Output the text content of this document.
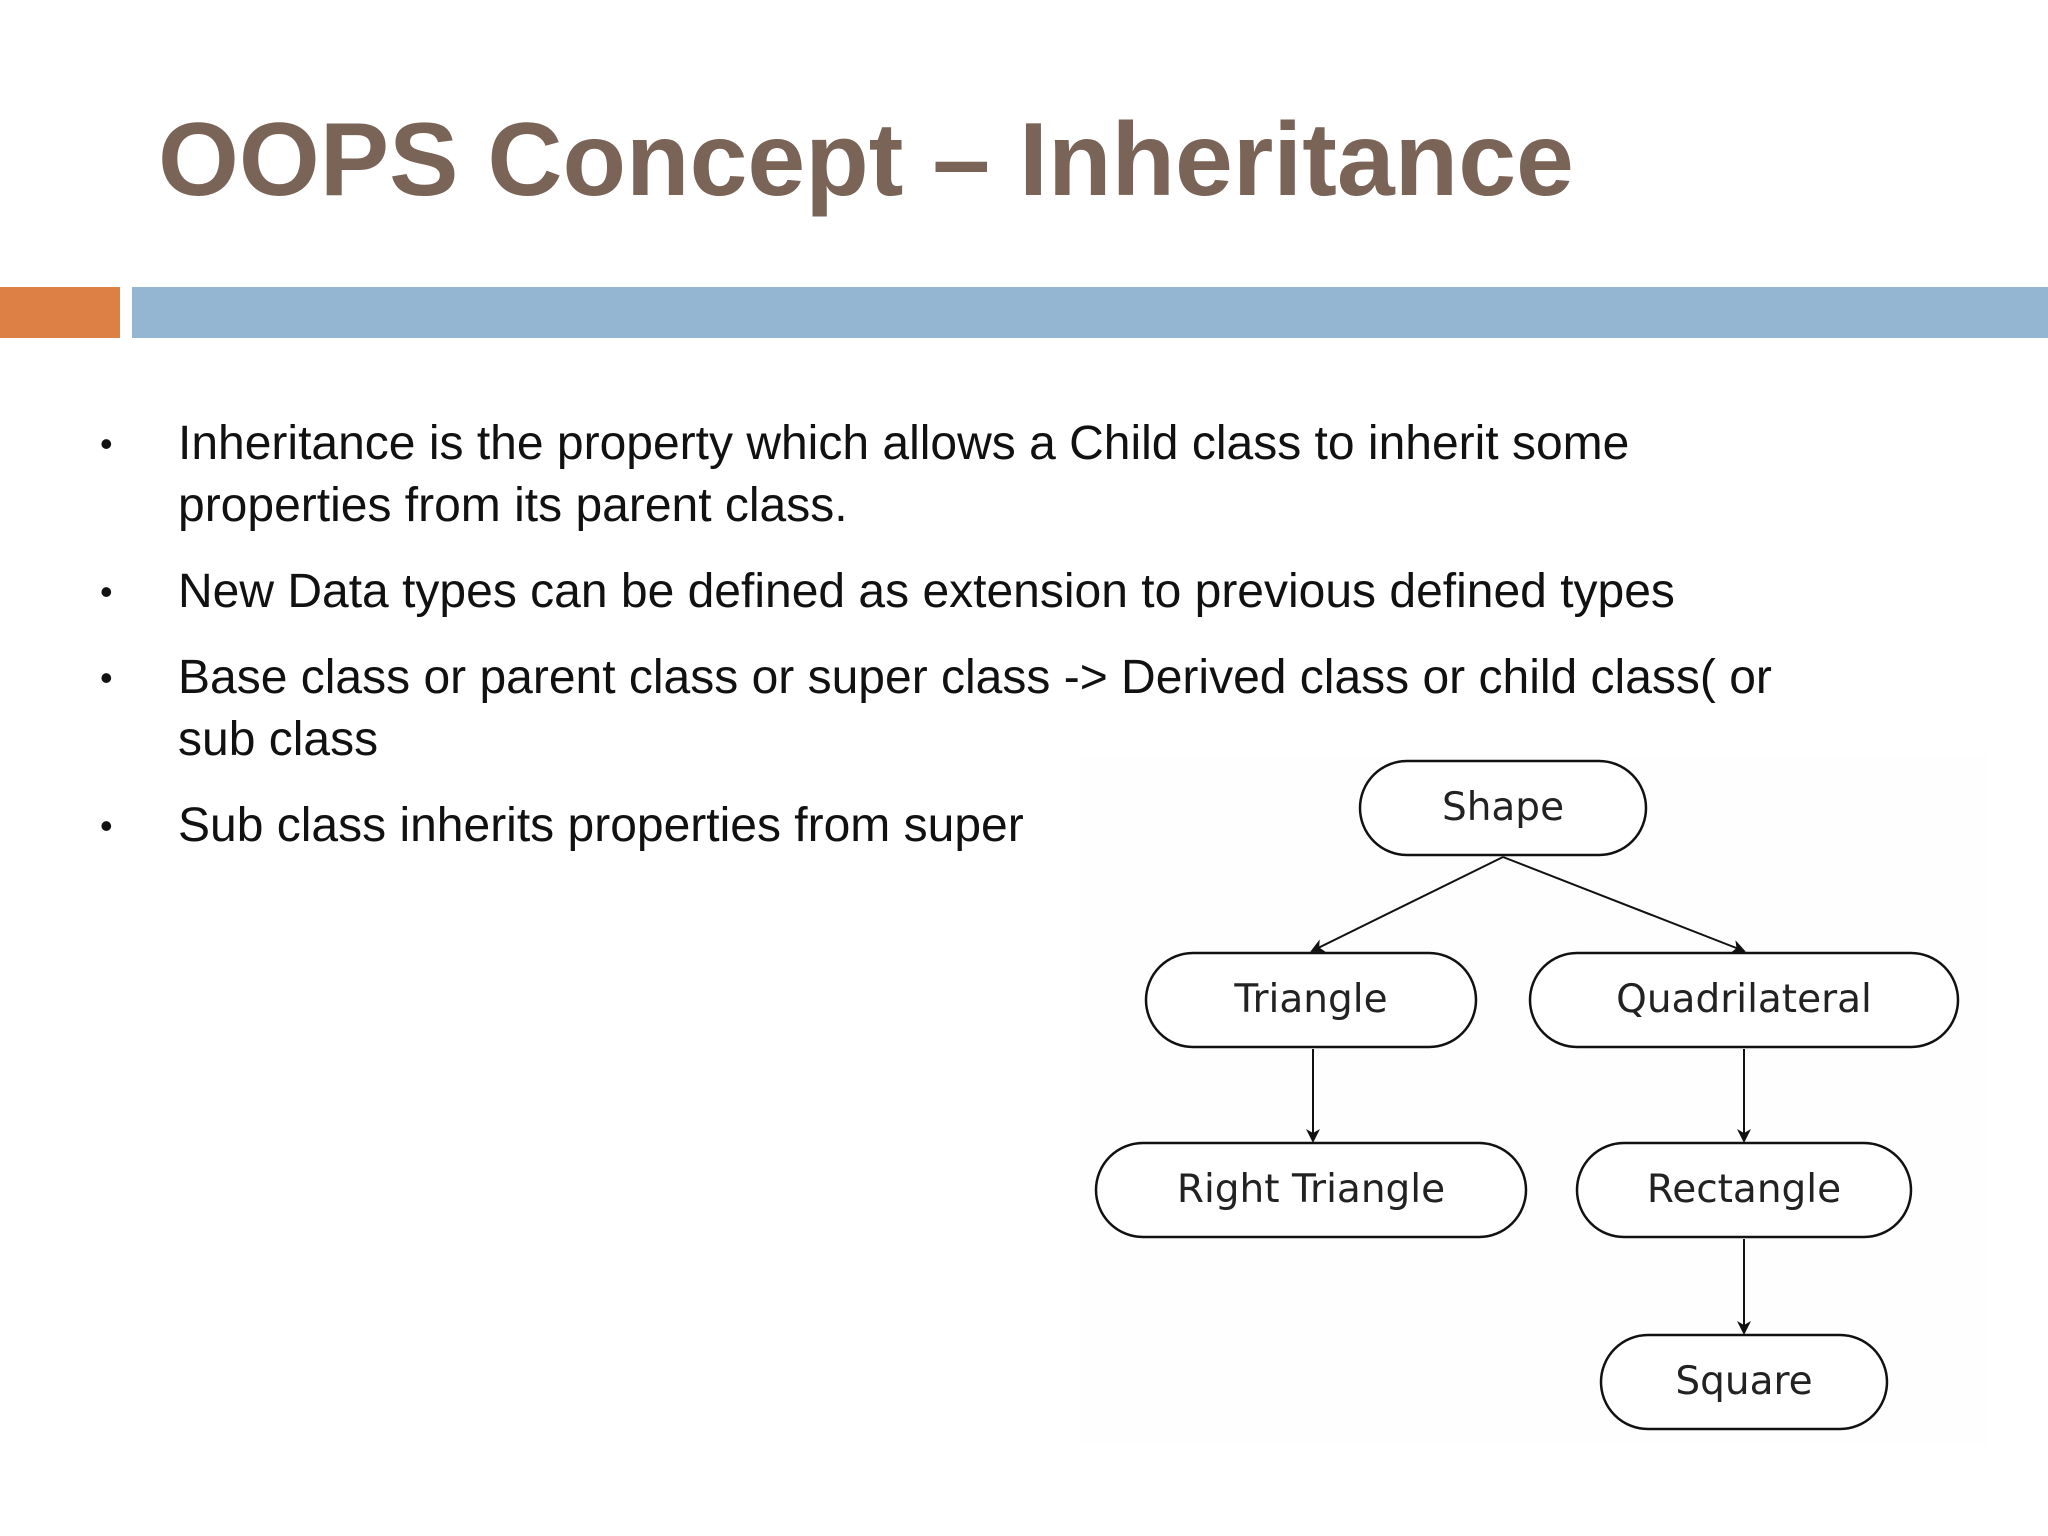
OOPS Concept – Inheritance
•	Inheritance is the property which allows a Child class to inherit some
properties from its parent class.
•	New Data types can be defined as extension to previous defined types
•	Base class or parent class or super class -> Derived class or child class( or
sub class
•	Sub class inherits properties from super	Shape
Triangle	Quadrilateral
Right Triangle	Rectangle
Square
